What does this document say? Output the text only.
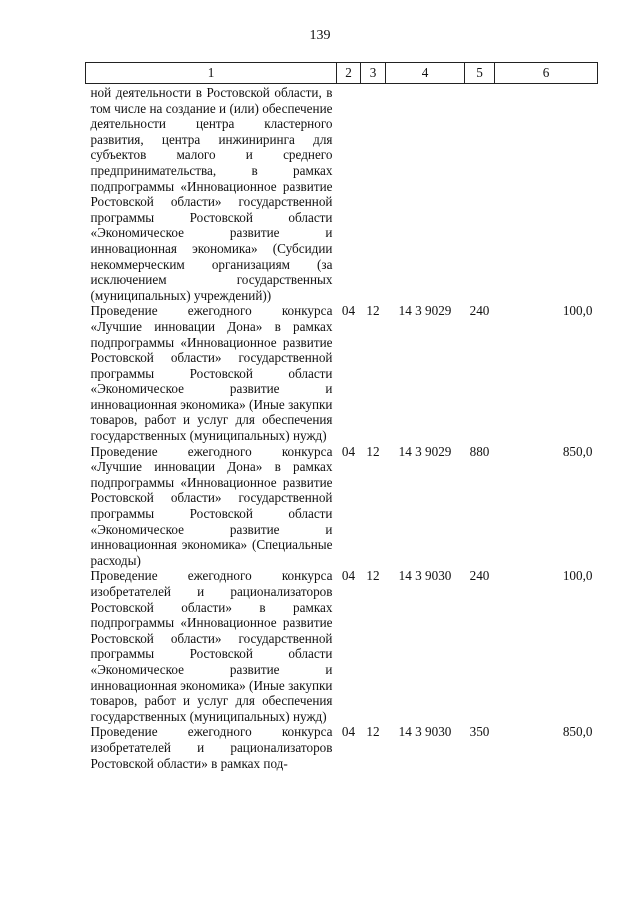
139
1	2	3	4	5	6
ной деятельности в Ростовской области, в том числе на создание и (или) обеспечение деятельности центра кластерного развития, центра инжиниринга для субъектов малого и среднего предпринимательства, в рамках подпрограммы «Инновационное развитие Ростовской области» государственной программы Ростовской области «Экономическое развитие и инновационная экономика» (Субсидии некоммерческим организациям (за исключением государственных (муниципальных) учреждений))					
Проведение ежегодного конкурса «Лучшие инновации Дона» в рамках подпрограммы «Инновационное развитие Ростовской области» государственной программы Ростовской области «Экономическое развитие и инновационная экономика» (Иные закупки товаров, работ и услуг для обеспечения государственных (муниципальных) нужд)	04	12	14 3 9029	240	100,0
Проведение ежегодного конкурса «Лучшие инновации Дона» в рамках подпрограммы «Инновационное развитие Ростовской области» государственной программы Ростовской области «Экономическое развитие и инновационная экономика» (Специальные расходы)	04	12	14 3 9029	880	850,0
Проведение ежегодного конкурса изобретателей и рационализаторов Ростовской области» в рамках подпрограммы «Инновационное развитие Ростовской области» государственной программы Ростовской области «Экономическое развитие и инновационная экономика» (Иные закупки товаров, работ и услуг для обеспечения государственных (муниципальных) нужд)	04	12	14 3 9030	240	100,0
Проведение ежегодного конкурса изобретателей и рационализаторов Ростовской области» в рамках под-	04	12	14 3 9030	350	850,0
